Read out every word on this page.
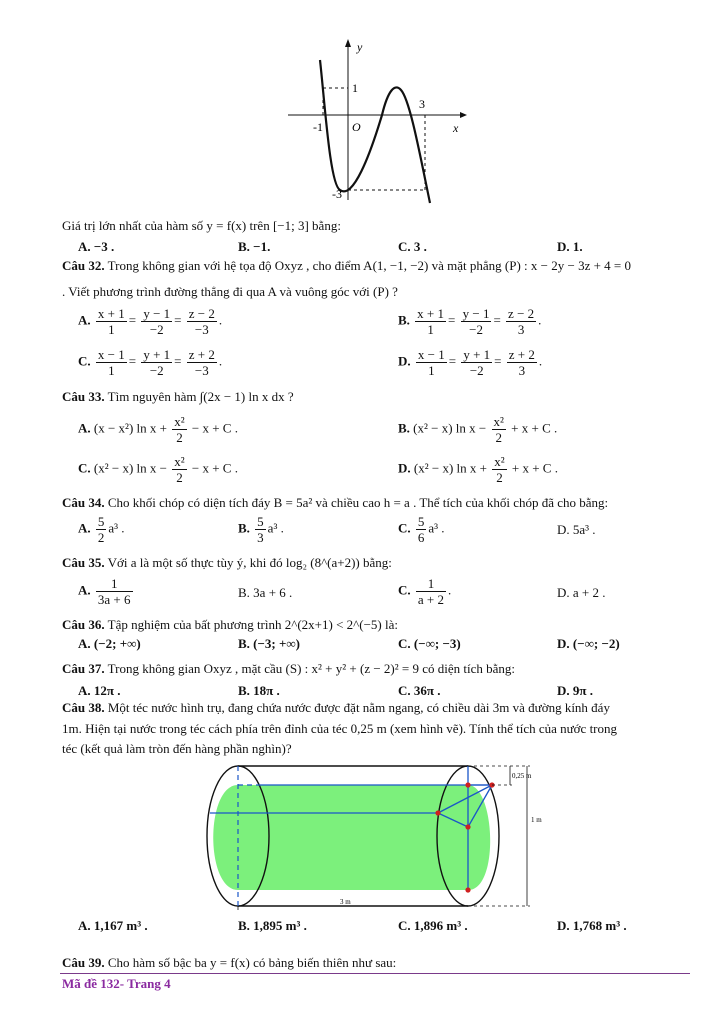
y
x
O
1
-1
3
-3
Giá trị lớn nhất của hàm số y = f(x) trên [−1; 3] bằng:
A. −3 .	B. −1.	C. 3 .	D. 1.
Câu 32. Trong không gian với hệ tọa độ Oxyz , cho điểm A(1, −1, −2) và mặt phẳng (P) : x − 2y − 3z + 4 = 0
. Viết phương trình đường thẳng đi qua A và vuông góc với (P) ?
A. $\frac{x + 1}{1} = \frac{y - 1}{-2} = \frac{z - 2}{-3}$ .	B. $\frac{x + 1}{1} = \frac{y - 1}{-2} = \frac{z - 2}{3}$ .
C. $\frac{x - 1}{1} = \frac{y + 1}{-2} = \frac{z + 2}{-3}$ .	D. $\frac{x - 1}{1} = \frac{y + 1}{-2} = \frac{z + 2}{3}$ .
Câu 33. Tìm nguyên hàm ∫(2x − 1) ln x dx ?
A. (x − x²) $\ln x + \frac{\text{x²}}{2} - x + C$ .	B. (x² − x) $\ln x - \frac{\text{x²}}{2} + x + C$ .
C. (x² − x) $\ln x - \frac{\text{x²}}{2} - x + C$ .	D. (x² − x) $\ln x + \frac{\text{x²}}{2} + x + C$ .
Câu 34. Cho khối chóp có diện tích đáy B = 5a² và chiều cao h = a . Thể tích của khối chóp đã cho bằng:
A. $\frac{5}{2} a^3$ .	B. $\frac{5}{3} a^3$ .	C. $\frac{5}{6} a^3$ .	D. 5a³ .
Câu 35. Với a là một số thực tùy ý, khi đó log₂ (8^(a+2)) bằng:
A. $\frac{1}{3a + 6}$	B. 3a + 6 .	C. $\frac{1}{a + 2}$ .	D. a + 2 .
Câu 36. Tập nghiệm của bất phương trình 2^(2x+1) < 2^(−5) là:
A. (−2; +∞)	B. (−3; +∞)	C. (−∞; −3)	D. (−∞; −2)
Câu 37. Trong không gian Oxyz , mặt cầu (S) : x² + y² + (z − 2)² = 9 có diện tích bằng:
A. 12π .	B. 18π .	C. 36π .	D. 9π .
Câu 38. Một téc nước hình trụ, đang chứa nước được đặt nằm ngang, có chiều dài 3m và đường kính đáy
1m. Hiện tại nước trong téc cách phía trên đỉnh của téc 0,25 m (xem hình vẽ). Tính thể tích của nước trong
téc (kết quả làm tròn đến hàng phần nghìn)?
0,25 m
1 m
3 m
A. 1,167 m³ .	B. 1,895 m³ .	C. 1,896 m³ .	D. 1,768 m³ .
Câu 39. Cho hàm số bậc ba y = f(x) có bảng biến thiên như sau:
Mã đề 132- Trang 4
